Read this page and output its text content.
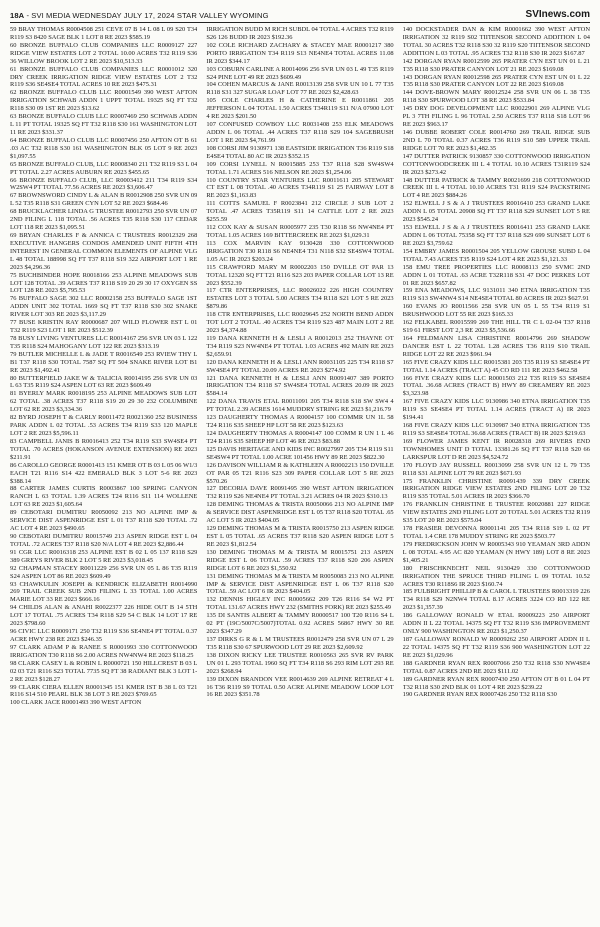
18A - SVI MEDIA WEDNESDAY JULY 17, 2024 STAR VALLEY WYOMING	SVInews.com

59 BRAY THOMAS R0004508 251 CEVE 07 B 14 L 08 L 09 S20 T34 R119 S3 8420 SAGE BLK 1 LOT 8 RE 2023 $585.19

60 BRONZE BUFFALO CLUB COMPANIES LLC R0009127 227 RIDGE VIEW ESTATES LOT 2 TOTAL 10.00 ACRES T32 R119 S36 36 WILLOW BROOK LOT 2 RE 2023 $10,513.33

61 BRONZE BUFFALO CLUB COMPANIES LLC R0001012 320 DRY CREEK IRRIGATION RIDGE VIEW ESTATES LOT 2 T32 R119 S36 SE4SE4 TOTAL ACRES 10 RE 2023 $475.31

62 BRONZE BUFFALO CLUB LLC R0001549 390 WEST AFTON IRRIGATION SCHWAB ADDN 1 UPPT TOTAL 19325 SQ FT T32 R118 S30 09 1ST RE 2023 $13.62

63 BRONZE BUFFALO CLUB LLC R0007469 250 SCHWAB ADDN L 11 PT TOTAL 19325 SQ FT T32 R118 S30 161 WASHINGTON LOT 11 RE 2023 $331.37

64 BRONZE BUFFALO CLUB LLC R0007456 250 AFTON OT B 61 .03 AC T32 R118 S30 161 WASHINGTON BLK 05 LOT 9 RE 2023 $1,097.55

65 BRONZE BUFFALO CLUB, LLC R0008340 211 T32 R119 S3 L 04 PT TOTAL 2.27 ACRES AUBURN RE 2023 $455.65

66 BRONZE BUFFALO CLUB, LLC R0003412 211 T34 R119 S34 W2SW4 PT TOTAL 77.56 ACRES RE 2023 $3,606.47

67 BROWNSWORD CINDY L & ALAN B R0012908 250 SVR UN 09 L 52 T35 R118 S31 GREEN CYN LOT 52 RE 2023 $684.46

68 BRUCKLACHER LINDA G TRUSTEE R0012793 250 SVR UN 07 2ND FILING L 118 TOTAL .56 ACRES T35 R118 S30 117 CEDAR LOT 118 RE 2023 $1,095.51

69 BRYAN CHARLES F & ANNICA C TRUSTEES R0012329 268 EXECUTIVE HANGERS CONDOS AMENDED UNIT FIFTH 4TH INTEREST IN GENERAL COMMON ELEMENTS OF ALPINE VLG L 48 TOTAL 188998 SQ FT T37 R118 S19 322 AIRPORT LOT 1 RE 2023 $4,296.36

75 BUCHBINDER HOPE R0018166 253 ALPINE MEADOWS SUB LOT 128 TOTAL .39 ACRES T37 R118 S19 20 29 30 17 OXYGEN SS LOT 128 RE 2023 $5,795.53

76 BUFFALO SAGE 302 LLC R0002158 253 BUFFALO SAGE 1ST ADDN UNIT 302 TOTAL 1669 SQ FT T37 R118 S30 302 SNAKE RIVER LOT 303 RE 2023 $3,117.29

77 BUSE KRISTIN RAY R0000687 207 WILD FLOWER EST L 01 T32 R119 S23 LOT 1 RE 2023 $512.39

78 BUSY LIVING VENTURES LLC R0014167 256 SVR UN 03 L 122 T35 R118 S24 MAHOGANY LOT 122 RE 2023 $313.19

79 BUTLER MICHELLE L & JADE T R0016549 253 RVIEW THY L B1 T37 R118 S30 TOTAL 7587 SQ FT 504 SNAKE RIVER LOT B1 RE 2023 $1,492.41

80 BUTTERFIELD JAKE W & TALICIA R0014195 256 SVR UN 03 L 63 T35 R119 S24 ASPEN LOT 63 RE 2023 $609.49

81 BYERLY MARK R0018195 253 ALPINE MEADOWS SUB LOT 62 TOTAL .38 ACRES T37 R118 S19 20 29 30 232 COLUMBINE LOT 62 RE 2023 $3,334.36

82 BYRD JOSEPH T & CARLY R0011472 R0021360 252 BUSINESS PARK ADDN L 02 TOTAL .53 ACRES T34 R119 S33 120 MAPLE LOT 2 RE 2023 $5,596.11

83 CAMPBELL JANIS B R0016413 252 T34 R119 S33 SW4SE4 PT TOTAL .70 ACRES (HOKANSON AVENUE EXTENSION) RE 2023 $211.91

86 CAROLLO GEORGE R0001413 151 KMER OT B 03 L 05 06 W1/3 EACH T21 R116 S14 422 EMERALD BLK 3 LOT 5-6 RE 2023 $388.14

88 CARTER JAMES CURTIS R0003867 100 SPRING CANYON RANCH L 63 TOTAL 1.39 ACRES T24 R116 S11 114 WOLLENE LOT 63 RE 2023 $1,605.64

89 CEBOTARI DUMITRU R0050092 213 NO ALPINE IMP & SERVICE DIST ASPENRIDGE EST L 01 T37 R118 S20 TOTAL .72 AC LOT 4 RE 2023 $490.65

90 CEBOTARI DUMITRU R0015749 213 ASPEN RIDGE EST L 04 TOTAL .72 ACRES T37 R118 S20 N/A LOT 4 RE 2023 $2,886.44

91 CGR LLC R0016318 253 ALPINE EST B 02 L 05 137 R118 S29 389 GREYS RIVER BLK 2 LOT 5 RE 2023 $3,018.45

92 CHAPMAN STACEY R0011229 256 SVR UN 05 L 86 T35 R119 S24 ASPEN LOT 86 RE 2023 $609.49

93 CHAWKULIN JOSEPH & KENDRICK ELIZABETH R0014990 269 TRAIL CREEK SUB 2ND FILING L 33 TOTAL 1.00 ACRES MARIE LOT 33 RE 2023 $666.16

94 CHILDS ALAN & ANAHI R0022377 226 HIDE OUT B 14 5TH LOT 17 TOTAL .75 ACRES T34 R118 S29 54 C BLK 14 LOT 17 RE 2023 $798.60

96 CIVIC LLC R0009171 250 T32 R119 S36 SE4NE4 PT TOTAL 0.37 ACRE HWY 238 RE 2023 $246.35

97 CLARK ADAM P & RANEE S R0001993 330 COTTONWOOD IRRIGATION T30 R118 S6 2.00 ACRES NW4NW4 RE 2023 $118.25

98 CLARK CASEY L & ROBIN L R0000721 150 HILLCREST B 03 L 02 03 T21 R116 S23 TOTAL 7735 SQ FT 38 RADIANT BLK 3 LOT 1-2 RE 2023 $128.27

99 CLARK CIERA ELLEN R0001345 151 KMER IST B 38 L 03 T21 R116 S14 510 PEARL BLK 38 LOT 3 RE 2023 $769.65

100 CLARK JACE R0001493 390 WEST AFTON

IRRIGATION BUDD M RICH SUBDL 04 TOTAL 4 ACRES T32 R119 S26 126 BUDD IR 2023 $192.36

102 COLE RICHARD ZACHARY & STACEY MAE R0001217 380 PORTO IRRIGATION T34 R119 S13 NE4NE4 TOTAL ACRES 11.08 IR 2023 $344.17

103 COBURN CARLINE A R0014096 256 SVR UN 03 L 49 T35 R119 S24 PINE LOT 49 RE 2023 $609.49

104 COHEN MARCUS & JANE R0013139 258 SVR UN 10 L 77 T35 R118 S31 327 SUGAR LOAF LOT 77 RE 2023 $2,428.63

105 COLE CHARLES H & CATHERINE E R0011861 205 JEFFERSON L 04 TOTAL 1.50 ACRES T34R119 S11 N/A 07900 LOT 4 RE 2023 $201.50

107 CONFUSED COWBOY LLC R0031408 253 ELK MEADOWS ADDN L 06 TOTAL .44 ACRES T37 R118 S29 104 SAGEBRUSH LOT 1 RE 2023 $4,761.99

108 CORSI JIM 9130971 138 EASTSIDE IRRIGATION T36 R119 S18 E4SE4 TOTAL 80 AC IR 2023 $352.15

109 CORSI LYNELL N R0015885 253 T37 R118 S28 SW4SW4 TOTAL 1.71 ACRES 516 NELSON RE 2023 $1,254.06

110 COUNTRY STAR VENTURES LLC R0011611 205 STEWART CT EST L 08 TOTAL .40 ACRES T34R119 S1 25 FAIRWAY LOT 8 RE 2023 $1,163.83

111 COTTS SAMUEL F R0023841 212 CIRCLE J SUB LOT 2 TOTAL .47 ACRES T35R119 S11 14 CATTLE LOT 2 RE 2023 $255.59

112 COX KAY & SUSAN R0005977 235 T30 R118 S6 NW4NE4 PT TOTAL 1.05 ACRES 169 BITTERCREEK RE 2023 $1,029.31

113 COX MARVIN KAY 9130428 330 COTTONWOOD IRRIGATION T30 R118 S6 NE4NE4 T31 N118 S32 SE4SW4 TOTAL 1.05 AC IR 2023 $203.24

115 CRAWFORD MARY M R0002203 150 DVILLE OT PAR 13 TOTAL 12320 SQ FT T21 R116 S23 203 PAPER COLLAR LOT 13 RE 2023 $552.39

117 CTR ENTERPRISES, LLC R0026022 226 HIGH COUNTRY ESTATES LOT 3 TOTAL 5.00 ACRES T34 R118 S21 LOT 5 RE 2023 $879.86

118 CTR ENTERPRISES, LLC R0029645 252 NORTH BEND ADDN TOT LOT 2 TOTAL .40 ACRES T34 R119 S23 487 MAIN LOT 2 RE 2023 $4,374.88

119 DANA KENNETH H & LESLI A R0012013 252 THAYNE OT T34 R119 S23 NW4NE4 PT TOTAL 1.03 ACRES 492 MAIN RE 2023 $2,659.91

120 DANA KENNETH H & LESLI ANN R0031105 225 T34 R118 S7 SW4SE4 PT TOTAL 20.09 ACRES RE 2023 $274.92

121 DANA KENNETH H & LESLI ANN R0091407 389 PORTO IRRIGATION T34 R118 S7 SW4SE4 TOTAL ACRES 20.09 IR 2023 $584.14

122 DANA TRAVIS ETAL R0011091 205 T34 R118 S18 SW SW4 4 PT TOTAL 2.39 ACRES 1614 MUDDRY STRING RE 2023 $1,216.79

123 DAUGHERTY THOMAS A R0004157 100 COMMR UN 1L 58 T24 R116 S35 SHEEP HP LOT 58 RE 2023 $123.63

124 DAUGHERTY THOMAS A R0004147 100 COMM R UN 1 L 46 T24 R116 S35 SHEEP HP LOT 46 RE 2023 $83.88

125 DAVIS HERITAGE AND KIDS INC R0027997 205 T34 R119 S11 SE4SW4 PT TOTAL 1.00 ACRE 101456 HWY 89 RE 2023 $822.30

126 DAVISON WILLIAM R & KATHLEEN A R0002213 150 DVILLE OT PAR 05 T21 R116 S23 309 PAPER COLLAR LOT 5 RE 2023 $570.26

127 DECORIA DAVE R0091495 390 WEST AFTON IRRIGATION T32 R119 S26 NE4NE4 PT TOTAL 3.21 ACRES 04 IR 2023 $310.13

128 DEMING THOMAS & TRISTA R0050066 213 NO ALPINE IMP & SERVICE DIST ASPENRIDGE EST L 05 T37 R118 S20 TOTAL .65 AC LOT 5 IR 2023 $404.05

129 DEMING THOMAS M & TRISTA R0015750 213 ASPEN RIDGE EST L 05 TOTAL .65 ACRES T37 R118 S20 ASPEN RIDGE LOT 5 RE 2023 $1,812.54

130 DEMING THOMAS M & TRISTA M R0015751 213 ASPEN RIDGE EST L 06 TOTAL .59 ACRES T37 R118 S20 206 ASPEN RIDGE LOT 6 RE 2023 $1,550.92

131 DEMING THOMAS M & TRISTA M R0050083 213 NO ALPINE IMP & SERVICE DIST ASPENRIDGE EST L 06 T37 R118 S20 TOTAL .59 AC LOT 6 IR 2023 $404.05

132 DENNIS HIGLEY INC R0005662 209 T26 R116 S4 W2 PT TOTAL 131.67 ACRES HWY 232 (SMITHS FORK) RE 2023 $255.49

135 DI SANTIS ALBERT & TAMMY R0000517 100 T20 R116 S4 L 02 PT (19C/5007C/5007)TOTAL 0.92 ACRES 56867 HWY 30 RE 2023 $347.29

137 DIRKS G R & L M TRUSTEES R0012479 258 SVR UN 07 L 29 T35 R118 S30 67 SPURWOOD LOT 29 RE 2023 $2,609.92

138 DIXON RICKY LEE TRUSTEE R0010563 265 SVR RV PARK UN 01 L 293 TOTAL 1960 SQ FT T34 R118 S6 293 RIM LOT 293 RE 2023 $268.94

139 DIXON BRANDON VEE R0014639 269 ALPINE RETREAT 4 L 16 T36 R119 S9 TOTAL 0.50 ACRE ALPINE MEADOW LOOP LOT 16 RE 2023 $351.78

140 DOCKSTADER DAN & KIM R0001662 390 WEST AFTON IRRIGATION 32 R119 S02 TIITENSOR SECOND ADDITION L 04 TOTAL 30 ACRES T32 R118 S30 32 R119 S20 TIITENSOR SECOND ADDITION L 03 TOTAL .95 ACRES T32 R118 S30 IR 2023 $167.87

142 DORGAN RYAN R0012599 265 PRATER CYN EST UN 01 L 21 T35 R118 S30 PRATER CANYON LOT 21 RE 2023 $169.08

143 DORGAN RYAN R0012598 265 PRATER CYN EST UN 01 L 22 T35 R118 S30 PRATER CANYON LOT 22 RE 2023 $169.08

144 DOVE-BROWN MARY R0012524 258 SVR UN 06 L 38 T35 R118 S30 SPURWOOD LOT 38 RE 2023 $533.84

145 DRY DOG DEVELOPMENT LLC R0022901 269 ALPINE VLG PL 3 7TH FILING L 96 TOTAL 2.50 ACRES T37 R118 S18 LOT 96 RE 2023 $963.17

146 DUBBE ROBERT COLE R0014760 269 TRAIL RIDGE SUB 2ND L 70 TOTAL 0.37 ACRES T36 R119 S10 589 UPPER TRAIL RIDGE LOT 70 RE 2023 $1,482.35

147 DUTTER PATRICK 9130857 330 COTTONWOOD IRRIGATION COTTONWOODCREEK III L 4 TOTAL 10.10 ACRES T31R119 S24 IR 2023 $273.42

148 DUTTER PATRICK & TAMMY R0021699 218 COTTONWOOD CREEK III L 4 TOTAL 10.10 ACRES T31 R119 S24 PACKSTRING LOT 4 RE 2023 $884.26

152 ELWELL J S & A J TRUSTEES R0016410 253 GRAND LAKE ADDN L 05 TOTAL 20908 SQ FT T37 R118 S29 SUNSET LOT 5 RE 2023 $545.24

153 ELWELL J S & A J TRUSTEES R0016411 253 GRAND LAKE ADDN L 06 TOTAL 75358 SQ FT T37 R118 S29 699 SUNSET LOT 6 RE 2023 $3,759.62

154 EMBRY JAMES R0001504 205 YELLOW GROUSE SUBD L 04 TOTAL 7.43 ACRES T35 R119 S24 LOT 4 RE 2023 $1,121.33

158 EMU TREE PROPERTIES LLC R0008113 250 SVMC 2ND ADDN L 01 TOTAL .63 ACRE T32R118 S31 47 DOC PERKES LOT 01 RE 2023 $657.82

159 ENA MEADOWS, LLC 9131011 340 ETNA IRRIGATION T35 R119 S13 SW4NW4 S14 NE4SE4 TOTAL 80 ACRES IR 2023 $627.91

160 EVANS JO R0011566 258 SVR UN 05 L 55 T34 R119 S1 BRUSHWOOD LOT 55 RE 2023 $165.33

162 FELKABEL R0015599 269 THE HILL TR C L 02-04 T37 R118 S19 61 FIRST LOT 2,3 RE 2023 $5,536.66

164 FELDMANN LISA CHRISTINE R0014796 269 SHADOW DANCER EST L 22 TOTAL 1.28 ACRES T36 R119 S10 TRAIL RIDGE LOT 22 RE 2023 $961.94

165 FIVE CRAZY KIDS LLC R0015381 203 T35 R119 S3 SE4SE4 PT TOTAL 1.14 ACRES (TRACT A) 45 CO RD 111 RE 2023 $462.58

166 FIVE CRAZY KIDS LLC R0001503 212 T35 R119 S3 SE4SE4 TOTAL .36.68 ACRES (TRACT B) HWY 89 CREAMERY RE 2023 $3,323.98

167 FIVE CRAZY KIDS LLC 9130986 340 ETNA IRRIGATION T35 R119 S3 SE4SE4 PT TOTAL 1.14 ACRES (TRACT A) IR 2023 $194.41

168 FIVE CRAZY KIDS LLC 9130987 340 ETNA IRRIGATION T35 R119 S3 SE4SE4 TOTAL 36.68 ACRES (TRACT B) IR 2023 $219.63

169 FLOWER JAMES KENT IR R0028318 269 RIVERS END TOWNHOMES UNIT D TOTAL 13381.26 SQ FT T37 R118 S20 66 LARKSPUR LOT D RE 2023 $4,524.72

170 FLOYD JAY RUSSELL R0013099 258 SVR UN 12 L 79 T35 R118 S31 ALPINE LOT 79 RE 2023 $671.93

175 FRANKLIN CHRISTINE R0091439 339 DRY CREEK IRRIGATION RIDGE VIEW ESTATES 2ND FILING LOT 20 T32 R119 S35 TOTAL 5.01 ACRES IR 2023 $366.70

176 FRANKLIN CHRISTINE E TRUSTEE R0020881 227 RIDGE VIEW ESTATES 2ND FILING LOT 20 TOTAL 5.01 ACRES T32 R119 S35 LOT 20 RE 2023 $575.04

178 FRASIER DEVONNA R0001141 205 T34 R118 S19 L 02 PT TOTAL 1.4 CRE 178 MUDDY STRING RE 2023 $503.77

179 FREDRICKSON JOHN W R0005343 910 YEAMAN 3RD ADDN L 08 TOTAL 4.95 AC 820 YEAMAN (N HWY 189) LOT 8 RE 2023 $1,405.21

180 FRISCHKNECHT NEIL 9130429 330 COTTONWOOD IRRIGATION THE SPRUCE THIRD FILING L 09 TOTAL 10.52 ACRES T30 R118S6 IR 2023 $160.74

185 FULBRIGHT PHILLIP B & CAROL L TRUSTEES R0013319 226 T34 R118 S29 N2NW4 TOTAL 8.17 ACRES 3224 CO RD 122 RE 2023 $1,357.39

186 GALLOWAY RONALD W ETAL R0009223 250 AIRPORT ADDN II L 22 TOTAL 14375 SQ FT T32 R119 S36 IMPROVEMENT ONLY 900 WASHINGTON RE 2023 $1,250.37

187 GALLOWAY RONALD W R0009262 250 AIRPORT ADDN II L 22 TOTAL 14375 SQ FT T32 R119 S36 900 WASHINGTON LOT 22 RE 2023 $1,029.96

188 GARDNER RYAN REX R0007066 250 T32 R118 S30 NW4SE4 TOTAL 0.87 ACRES 2ND RE 2023 $111.02

189 GARDNER RYAN REX R0007430 250 AFTON OT B 01 L 04 PT T32 R118 S30 2ND BLK 01 LOT 4 RE 2023 $239.22

190 GARDNER RYAN REX R0007426 250 T32 R118 S30
